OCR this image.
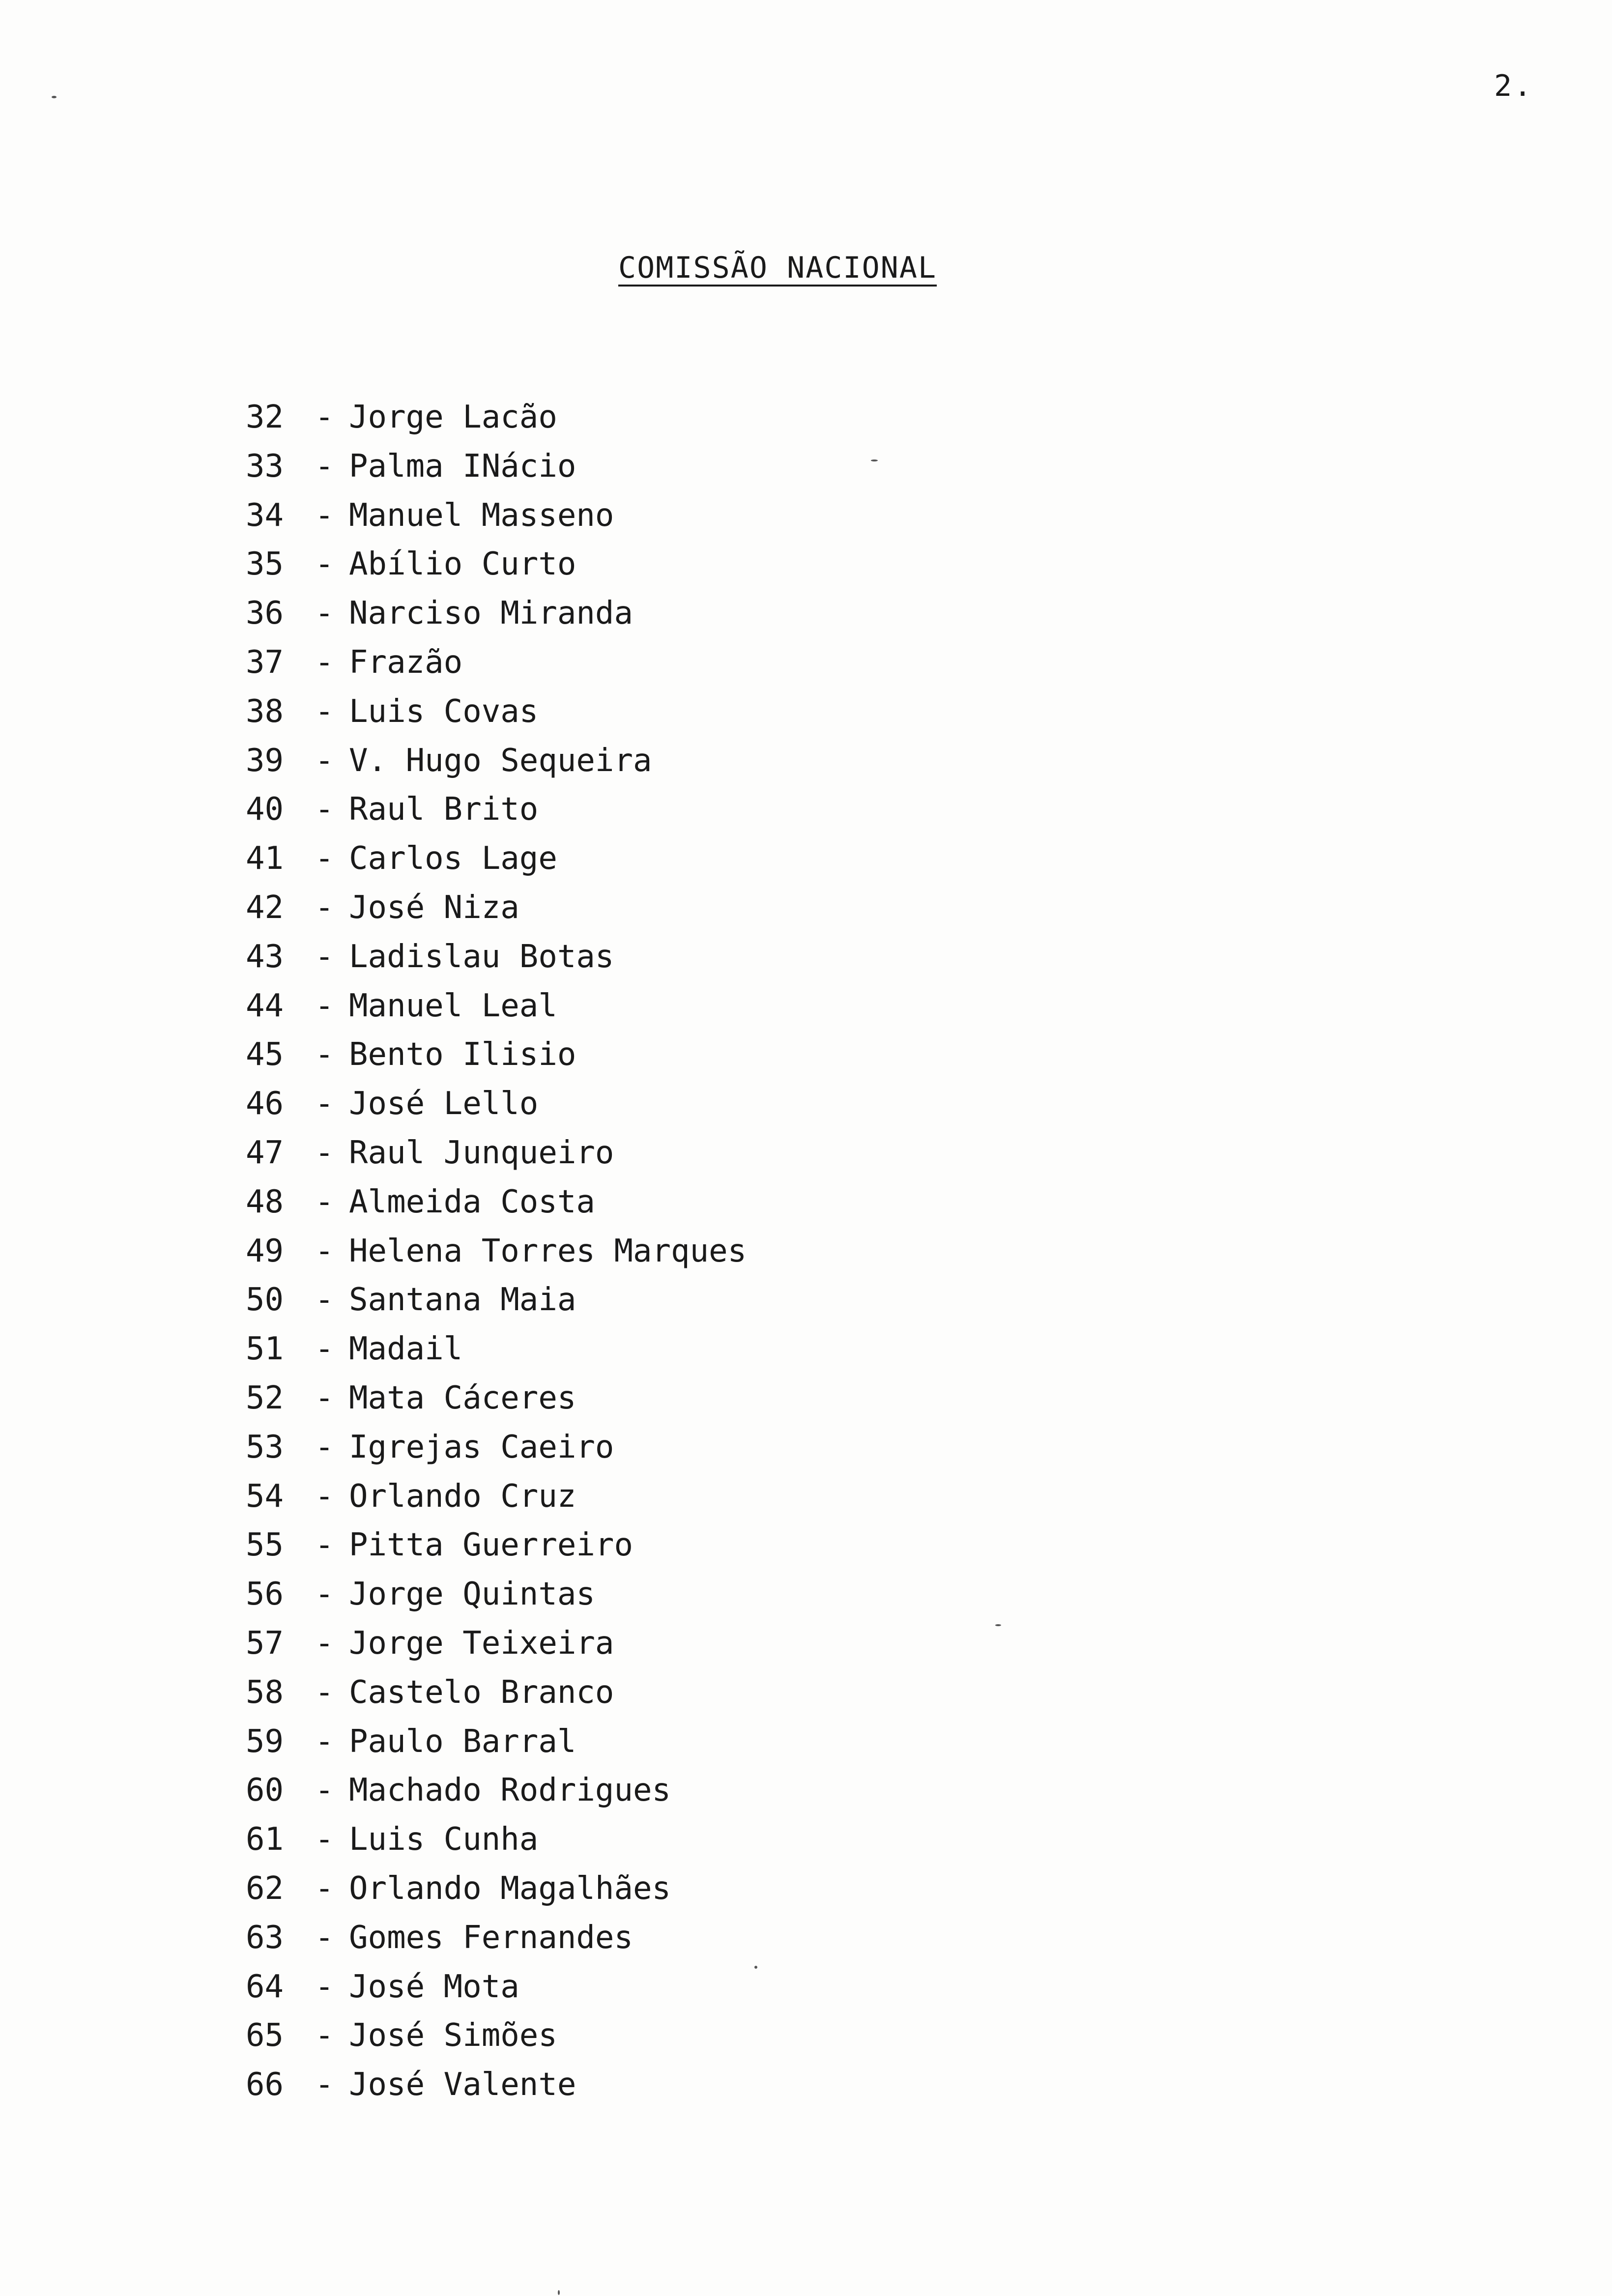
2.
COMISSÃO NACIONAL
32 - Jorge Lacão
33 - Palma INácio
34 - Manuel Masseno
35 - Abílio Curto
36 - Narciso Miranda
37 - Frazão
38 - Luis Covas
39 - V. Hugo Sequeira
40 - Raul Brito
41 - Carlos Lage
42 - José Niza
43 - Ladislau Botas
44 - Manuel Leal
45 - Bento Ilisio
46 - José Lello
47 - Raul Junqueiro
48 - Almeida Costa
49 - Helena Torres Marques
50 - Santana Maia
51 - Madail
52 - Mata Cáceres
53 - Igrejas Caeiro
54 - Orlando Cruz
55 - Pitta Guerreiro
56 - Jorge Quintas
57 - Jorge Teixeira
58 - Castelo Branco
59 - Paulo Barral
60 - Machado Rodrigues
61 - Luis Cunha
62 - Orlando Magalhães
63 - Gomes Fernandes
64 - José Mota
65 - José Simões
66 - José Valente
